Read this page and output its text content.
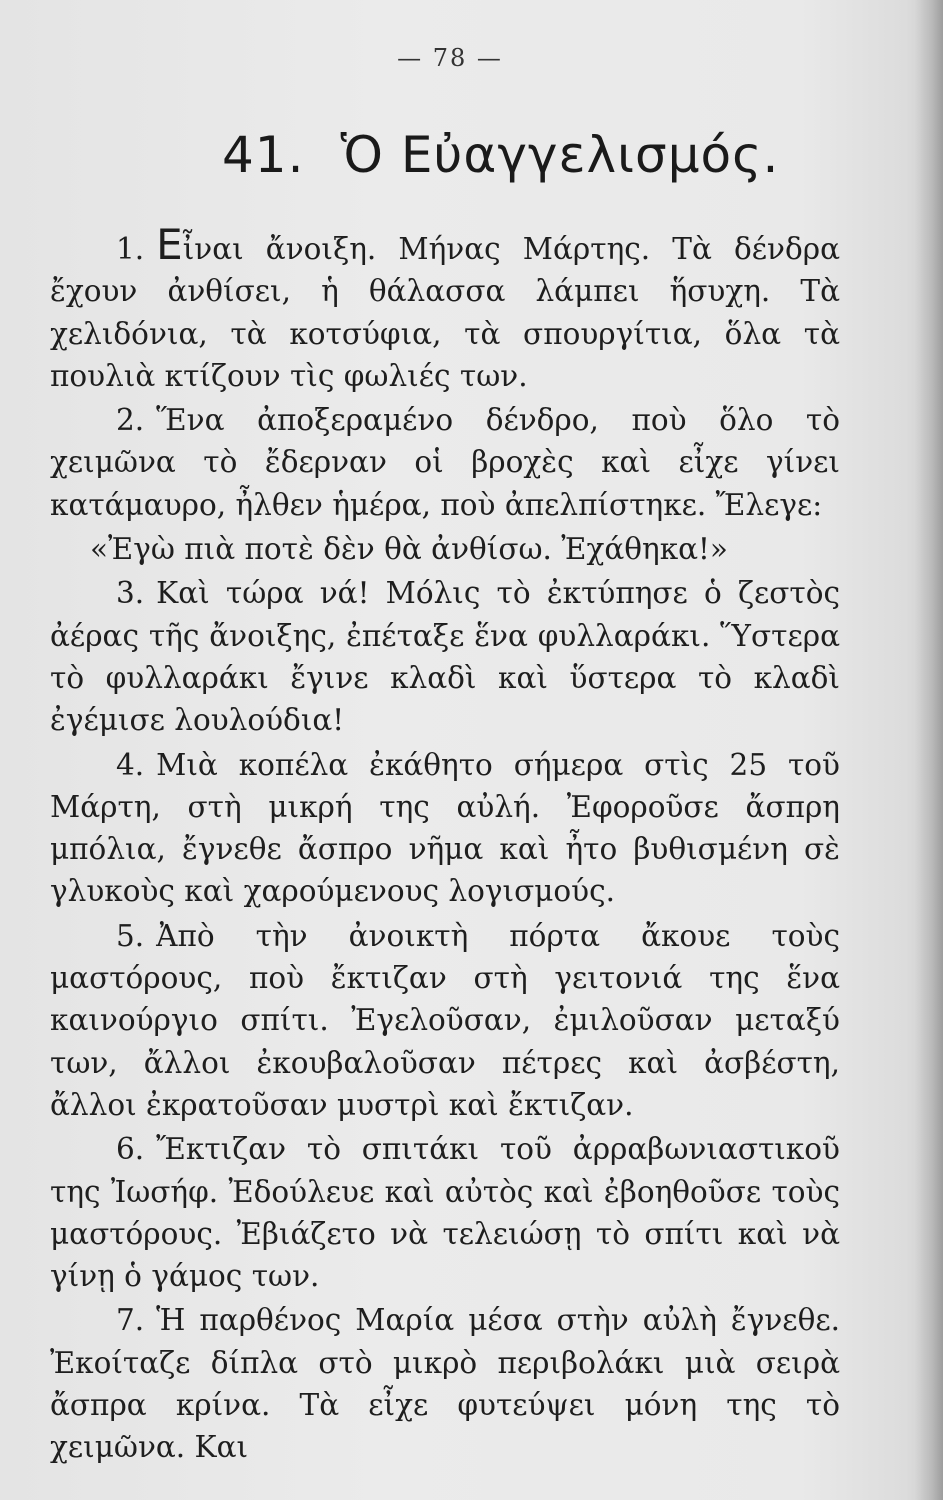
— 78 —
41. Ὁ Εὐαγγελισμός.

1. Εἶναι ἄνοιξη. Μήνας Μάρτης. Τὰ δένδρα ἔχουν ἀνθίσει, ἡ θάλασσα λάμπει ἥσυχη. Τὰ χελιδόνια, τὰ κοτσύφια, τὰ σπουργίτια, ὅλα τὰ πουλιὰ κτίζουν τὶς φωλιές των.

2. Ἕνα ἀποξεραμένο δένδρο, ποὺ ὅλο τὸ χειμῶνα τὸ ἔδερναν οἱ βροχὲς καὶ εἶχε γίνει κατάμαυρο, ἦλθεν ἡμέρα, ποὺ ἀπελπίστηκε. Ἔλεγε:

«Ἐγὼ πιὰ ποτὲ δὲν θὰ ἀνθίσω. Ἐχάθηκα!»

3. Καὶ τώρα νά! Μόλις τὸ ἐκτύπησε ὁ ζεστὸς ἀέρας τῆς ἄνοιξης, ἐπέταξε ἕνα φυλλαράκι. Ὕστερα τὸ φυλλαράκι ἔγινε κλαδὶ καὶ ὕστερα τὸ κλαδὶ ἐγέμισε λουλούδια!

4. Μιὰ κοπέλα ἐκάθητο σήμερα στὶς 25 τοῦ Μάρτη, στὴ μικρή της αὐλή. Ἐφοροῦσε ἄσπρη μπόλια, ἔγνεθε ἄσπρο νῆμα καὶ ἦτο βυθισμένη σὲ γλυκοὺς καὶ χαρούμενους λογισμούς.

5. Ἀπὸ τὴν ἀνοικτὴ πόρτα ἄκουε τοὺς μαστόρους, ποὺ ἔκτιζαν στὴ γειτονιά της ἕνα καινούργιο σπίτι. Ἐγελοῦσαν, ἐμιλοῦσαν μεταξύ των, ἄλλοι ἐκουβαλοῦσαν πέτρες καὶ ἀσβέστη, ἄλλοι ἐκρατοῦσαν μυστρὶ καὶ ἔκτιζαν.

6. Ἔκτιζαν τὸ σπιτάκι τοῦ ἀρραβωνιαστικοῦ της Ἰωσήφ. Ἐδούλευε καὶ αὐτὸς καὶ ἐβοηθοῦσε τοὺς μαστόρους. Ἐβιάζετο νὰ τελειώσῃ τὸ σπίτι καὶ νὰ γίνῃ ὁ γάμος των.

7. Ἡ παρθένος Μαρία μέσα στὴν αὐλὴ ἔγνεθε. Ἐκοίταζε δίπλα στὸ μικρὸ περιβολάκι μιὰ σειρὰ ἄσπρα κρίνα. Τὰ εἶχε φυτεύψει μόνη της τὸ χειμῶνα. Και
